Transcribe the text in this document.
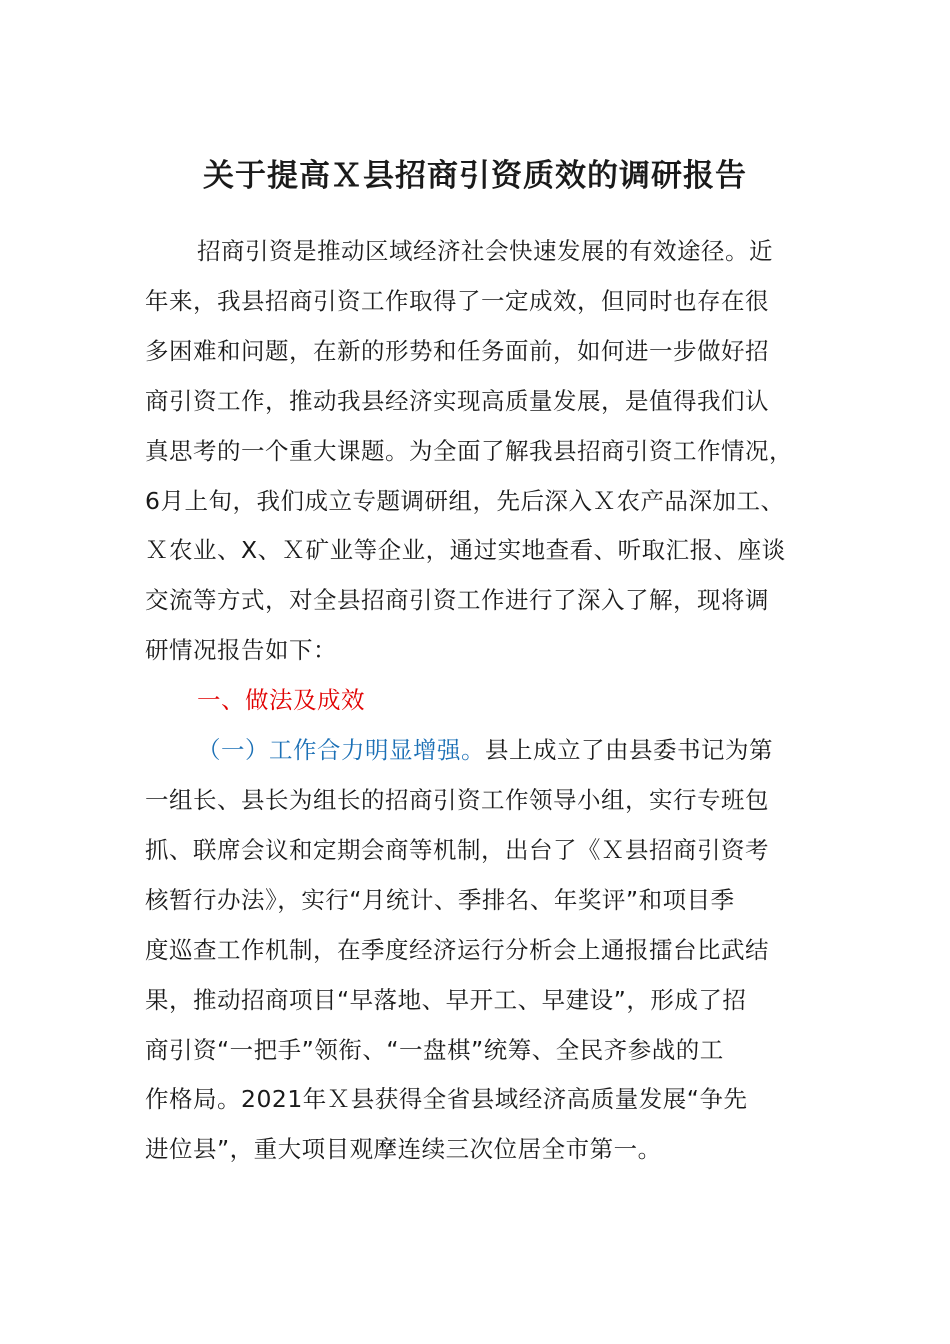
关于提高Ｘ县招商引资质效的调研报告
招商引资是推动区域经济社会快速发展的有效途径。近
年来，我县招商引资工作取得了一定成效，但同时也存在很
多困难和问题，在新的形势和任务面前，如何进一步做好招
商引资工作，推动我县经济实现高质量发展，是值得我们认
真思考的一个重大课题。为全面了解我县招商引资工作情况，
6月上旬，我们成立专题调研组，先后深入Ｘ农产品深加工、
Ｘ农业、X、Ｘ矿业等企业，通过实地查看、听取汇报、座谈
交流等方式，对全县招商引资工作进行了深入了解，现将调
研情况报告如下：
一、做法及成效
（一）工作合力明显增强。县上成立了由县委书记为第
一组长、县长为组长的招商引资工作领导小组，实行专班包
抓、联席会议和定期会商等机制，出台了《Ｘ县招商引资考
核暂行办法》，实行“月统计、季排名、年奖评”和项目季
度巡查工作机制，在季度经济运行分析会上通报擂台比武结
果，推动招商项目“早落地、早开工、早建设”，形成了招
商引资“一把手”领衔、“一盘棋”统筹、全民齐参战的工
作格局。2021年Ｘ县获得全省县域经济高质量发展“争先
进位县”，重大项目观摩连续三次位居全市第一。
